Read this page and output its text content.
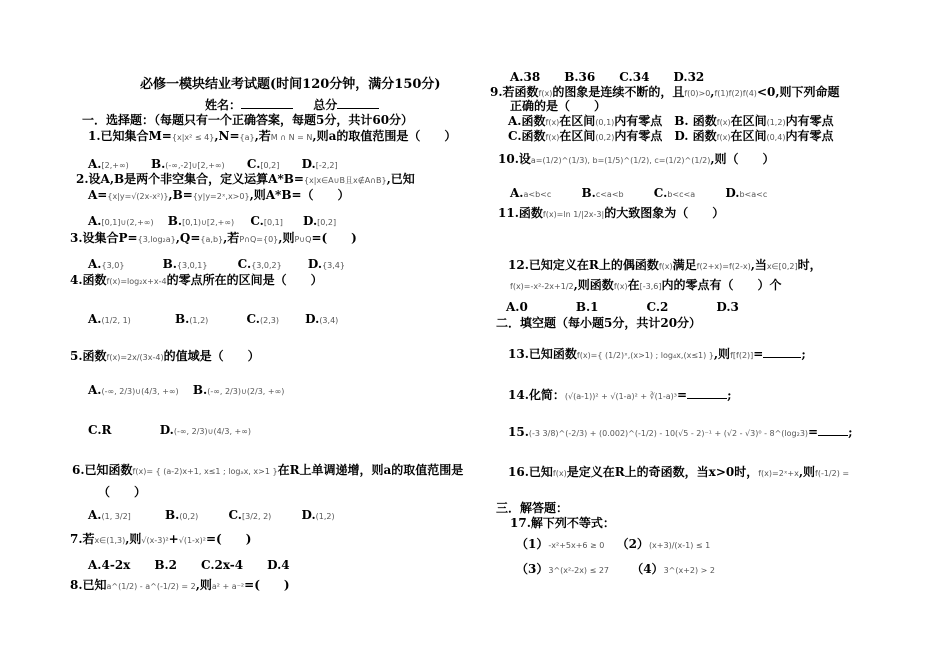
必修一模块结业考试题(时间120分钟，满分150分)
姓名：	总分
一．选择题：（每题只有一个正确答案，每题5分，共计60分）
1.已知集合M={x|x² ≤ 4},N={a},若M ∩ N = N,则a的取值范围是（　　）
A.[2,+∞) B.(-∞,-2]∪[2,+∞) C.[0,2] D.[-2,2]
2.设A,B是两个非空集合，定义运算A*B={x|x∈A∪B且x∉A∩B},已知
A={x|y=√(2x-x²)},B={y|y=2ˣ,x>0},则A*B=（　　）
A.[0,1]∪(2,+∞) B.[0,1)∪[2,+∞) C.[0,1] D.[0,2]
3.设集合P={3,log₂a},Q={a,b},若P∩Q={0},则P∪Q=(　　)
A.{3,0}	B.{3,0,1}	C.{3,0,2} D.{3,4}
4.函数f(x)=log₂x+x-4的零点所在的区间是（　　）
A.(1/2, 1)	B.(1,2)	C.(2,3) D.(3,4)
5.函数f(x)=2x/(3x-4)的值域是（　　）
A.(-∞, 2/3)∪(4/3, +∞) B.(-∞, 2/3)∪(2/3, +∞)
C.R	D.(-∞, 2/3)∪(4/3, +∞)
6.已知函数f(x)= { (a-2)x+1, x≤1 ; logₐx, x>1 }在R上单调递增，则a的取值范围是
（　　）
A.(1, 3/2]	B.(0,2)	C.[3/2, 2)	D.(1,2)
7.若x∈(1,3),则√(x-3)²+√(1-x)²=(　　)
A.4-2x　　B.2　　C.2x-4　　D.4
8.已知a^(1/2) - a^(-1/2) = 2,则a² + a⁻²=(　　)
A.38　　B.36　　C.34　　D.32
9.若函数f(x)的图象是连续不断的，且f(0)>0,f(1)f(2)f(4)<0,则下列命题
正确的是（　　）
A.函数f(x)在区间(0,1)内有零点　B. 函数f(x)在区间(1,2)内有零点
C.函数f(x)在区间(0,2)内有零点　D. 函数f(x)在区间(0,4)内有零点
10.设a=(1/2)^(1/3), b=(1/5)^(1/2), c=(1/2)^(1/2),则（　　）
A.a<b<c	B.c<a<b	C.b<c<a	D.b<a<c
11.函数f(x)=ln 1/|2x-3|的大致图象为（　　）
12.已知定义在R上的偶函数f(x)满足f(2+x)=f(2-x),当x∈[0,2]时，
f(x)=-x²-2x+1/2,则函数f(x)在[-3,6]内的零点有（　　）个
A.0　　　　B.1　　　　C.2　　　　D.3
二．填空题（每小题5分，共计20分）
13.已知函数f(x)={ (1/2)ˣ,(x>1) ; log₄x,(x≤1) },则f[f(2)]=	;
14.化简：(√(a-1))² + √(1-a)² + ∛(1-a)³=	;
15.(-3 3/8)^(-2/3) + (0.002)^(-1/2) - 10(√5 - 2)⁻¹ + (√2 - √3)⁰ - 8^(log₂3)=	;
16.已知f(x)是定义在R上的奇函数，当x>0时，f(x)=2ˣ+x,则f(-1/2) =
三．解答题：
17.解下列不等式：
（1）-x²+5x+6 ≥ 0 （2）(x+3)/(x-1) ≤ 1
（3）3^(x²-2x) ≤ 27 （4）3^(x+2) > 2
